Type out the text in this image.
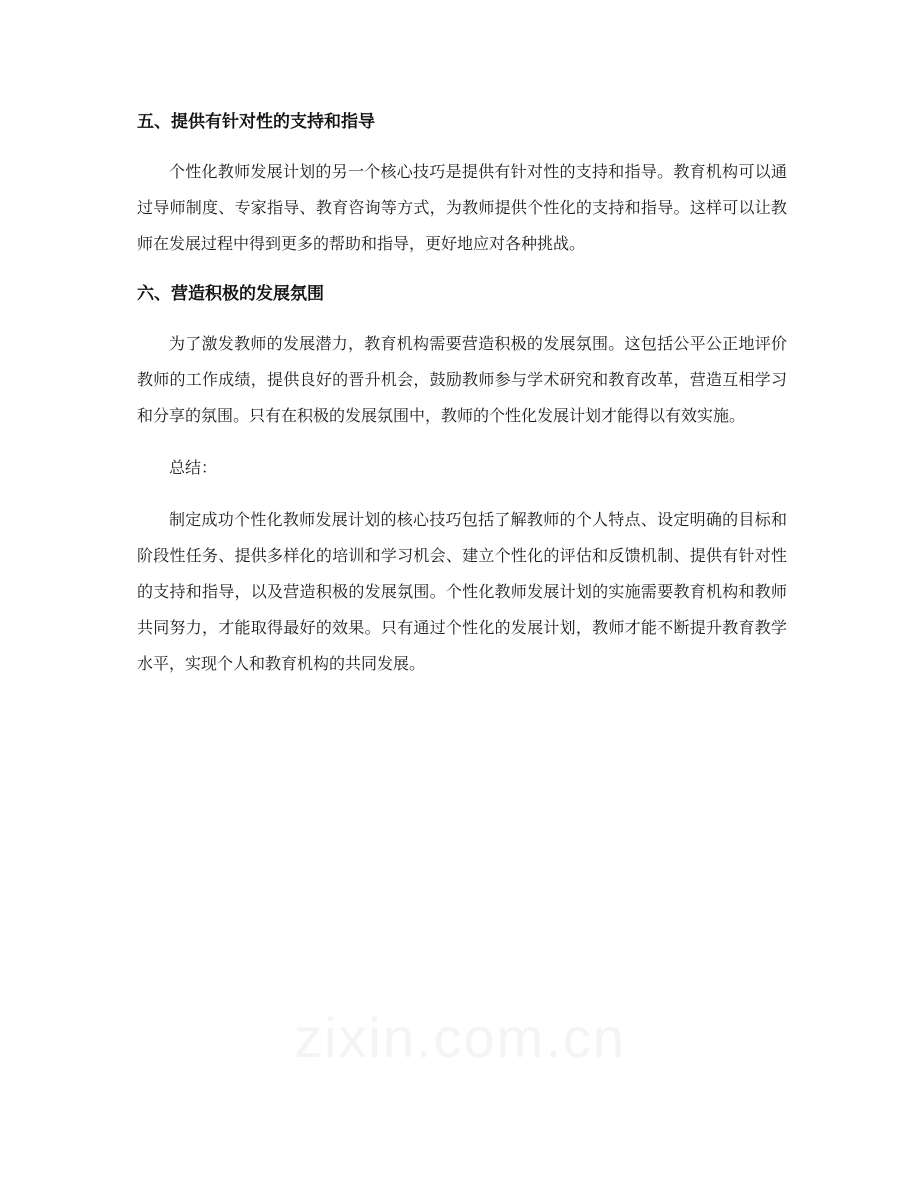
五、提供有针对性的支持和指导

个性化教师发展计划的另一个核心技巧是提供有针对性的支持和指导。教育机构可以通过导师制度、专家指导、教育咨询等方式，为教师提供个性化的支持和指导。这样可以让教师在发展过程中得到更多的帮助和指导，更好地应对各种挑战。

六、营造积极的发展氛围

为了激发教师的发展潜力，教育机构需要营造积极的发展氛围。这包括公平公正地评价教师的工作成绩，提供良好的晋升机会，鼓励教师参与学术研究和教育改革，营造互相学习和分享的氛围。只有在积极的发展氛围中，教师的个性化发展计划才能得以有效实施。

总结：

制定成功个性化教师发展计划的核心技巧包括了解教师的个人特点、设定明确的目标和阶段性任务、提供多样化的培训和学习机会、建立个性化的评估和反馈机制、提供有针对性的支持和指导，以及营造积极的发展氛围。个性化教师发展计划的实施需要教育机构和教师共同努力，才能取得最好的效果。只有通过个性化的发展计划，教师才能不断提升教育教学水平，实现个人和教育机构的共同发展。

zixin.com.cn
